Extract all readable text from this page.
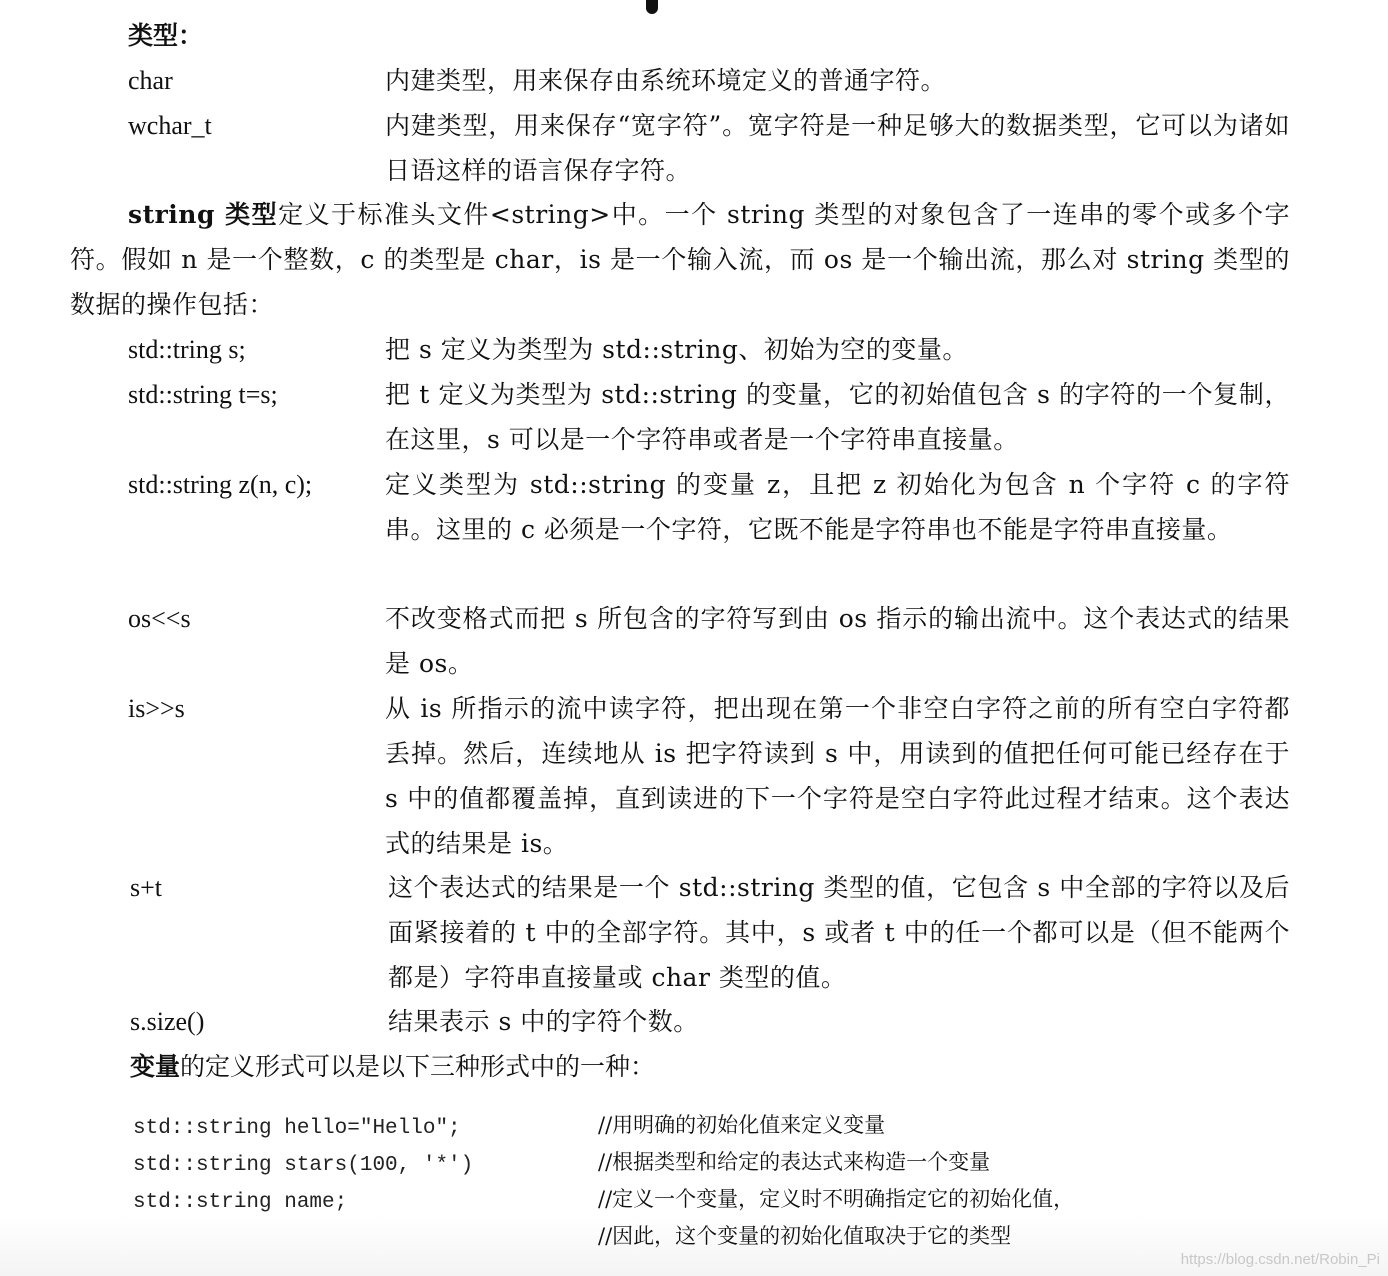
类型：
char	内建类型，用来保存由系统环境定义的普通字符。
wchar_t	内建类型，用来保存“宽字符”。宽字符是一种足够大的数据类型，它可以为诸如日语这样的语言保存字符。
string 类型定义于标准头文件<string>中。一个 string 类型的对象包含了一连串的零个或多个字符。假如 n 是一个整数，c 的类型是 char，is 是一个输入流，而 os 是一个输出流，那么对 string 类型的数据的操作包括：
std::tring s;	把 s 定义为类型为 std::string、初始为空的变量。
std::string t=s;	把 t 定义为类型为 std::string 的变量，它的初始值包含 s 的字符的一个复制，在这里，s 可以是一个字符串或者是一个字符串直接量。
std::string z(n, c);	定义类型为 std::string 的变量 z，且把 z 初始化为包含 n 个字符 c 的字符串。这里的 c 必须是一个字符，它既不能是字符串也不能是字符串直接量。
os<<s	不改变格式而把 s 所包含的字符写到由 os 指示的输出流中。这个表达式的结果是 os。
is>>s	从 is 所指示的流中读字符，把出现在第一个非空白字符之前的所有空白字符都丢掉。然后，连续地从 is 把字符读到 s 中，用读到的值把任何可能已经存在于 s 中的值都覆盖掉，直到读进的下一个字符是空白字符此过程才结束。这个表达式的结果是 is。
s+t	这个表达式的结果是一个 std::string 类型的值，它包含 s 中全部的字符以及后面紧接着的 t 中的全部字符。其中，s 或者 t 中的任一个都可以是（但不能两个都是）字符串直接量或 char 类型的值。
s.size()	结果表示 s 中的字符个数。
变量的定义形式可以是以下三种形式中的一种：
std::string hello="Hello";	//用明确的初始化值来定义变量
std::string stars(100, '*')	//根据类型和给定的表达式来构造一个变量
std::string name;	//定义一个变量，定义时不明确指定它的初始化值，
//因此，这个变量的初始化值取决于它的类型
https://blog.csdn.net/Robin_Pi
